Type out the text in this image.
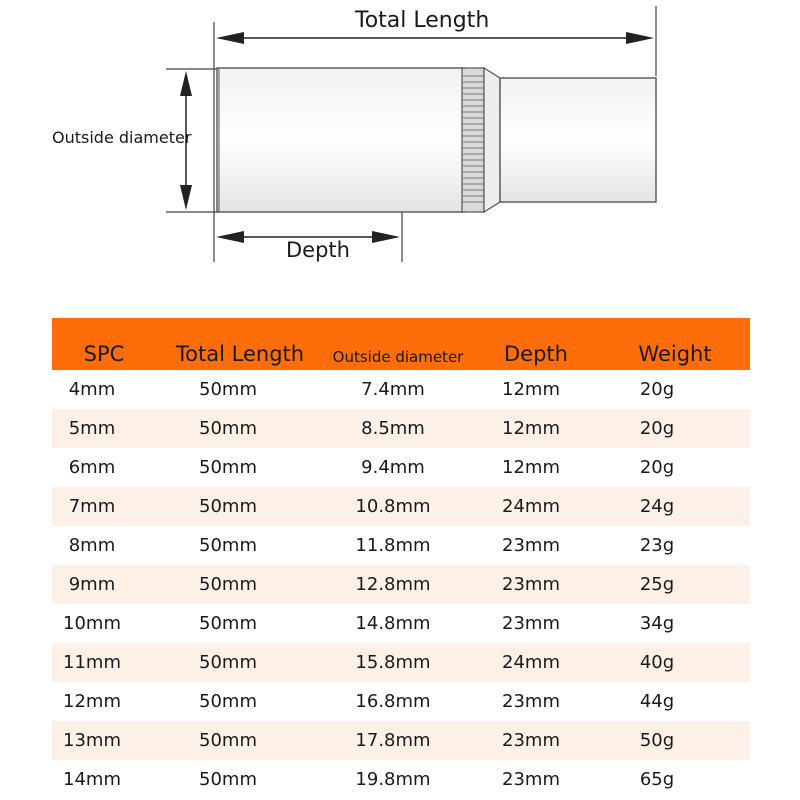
Total Length
Outside diameter
Depth
SPC	Total Length	Outside diameter	Depth	Weight
4mm	50mm	7.4mm	12mm	20g
5mm	50mm	8.5mm	12mm	20g
6mm	50mm	9.4mm	12mm	20g
7mm	50mm	10.8mm	24mm	24g
8mm	50mm	11.8mm	23mm	23g
9mm	50mm	12.8mm	23mm	25g
10mm	50mm	14.8mm	23mm	34g
11mm	50mm	15.8mm	24mm	40g
12mm	50mm	16.8mm	23mm	44g
13mm	50mm	17.8mm	23mm	50g
14mm	50mm	19.8mm	23mm	65g
